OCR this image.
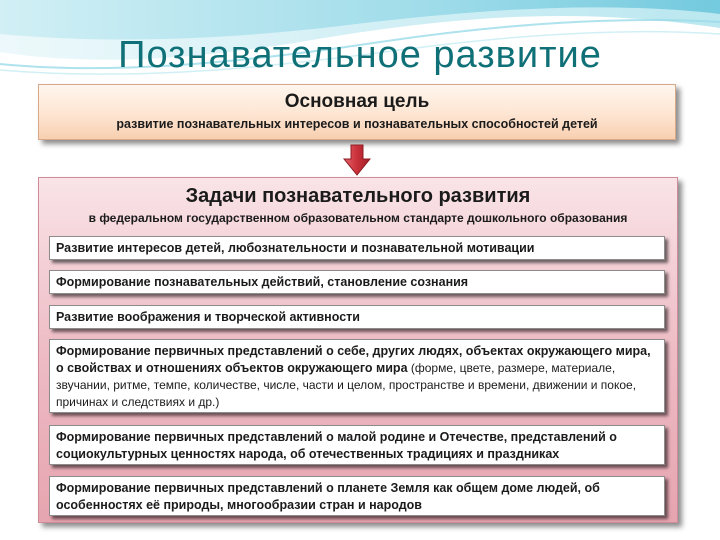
Познавательное развитие
Основная цель
развитие познавательных интересов и познавательных способностей детей
Задачи познавательного развития
в федеральном государственном образовательном стандарте дошкольного образования
Развитие интересов детей, любознательности и познавательной мотивации
Формирование познавательных действий, становление сознания
Развитие воображения и творческой активности
Формирование первичных представлений о себе, других людях, объектах окружающего мира, о свойствах и отношениях объектов окружающего мира (форме, цвете, размере, материале, звучании, ритме, темпе, количестве, числе, части и целом, пространстве и времени, движении и покое, причинах и следствиях и др.)
Формирование первичных представлений о малой родине и Отечестве, представлений о социокультурных ценностях народа, об отечественных традициях и праздниках
Формирование первичных представлений о планете Земля как общем доме людей, об особенностях её природы, многообразии стран и народов
